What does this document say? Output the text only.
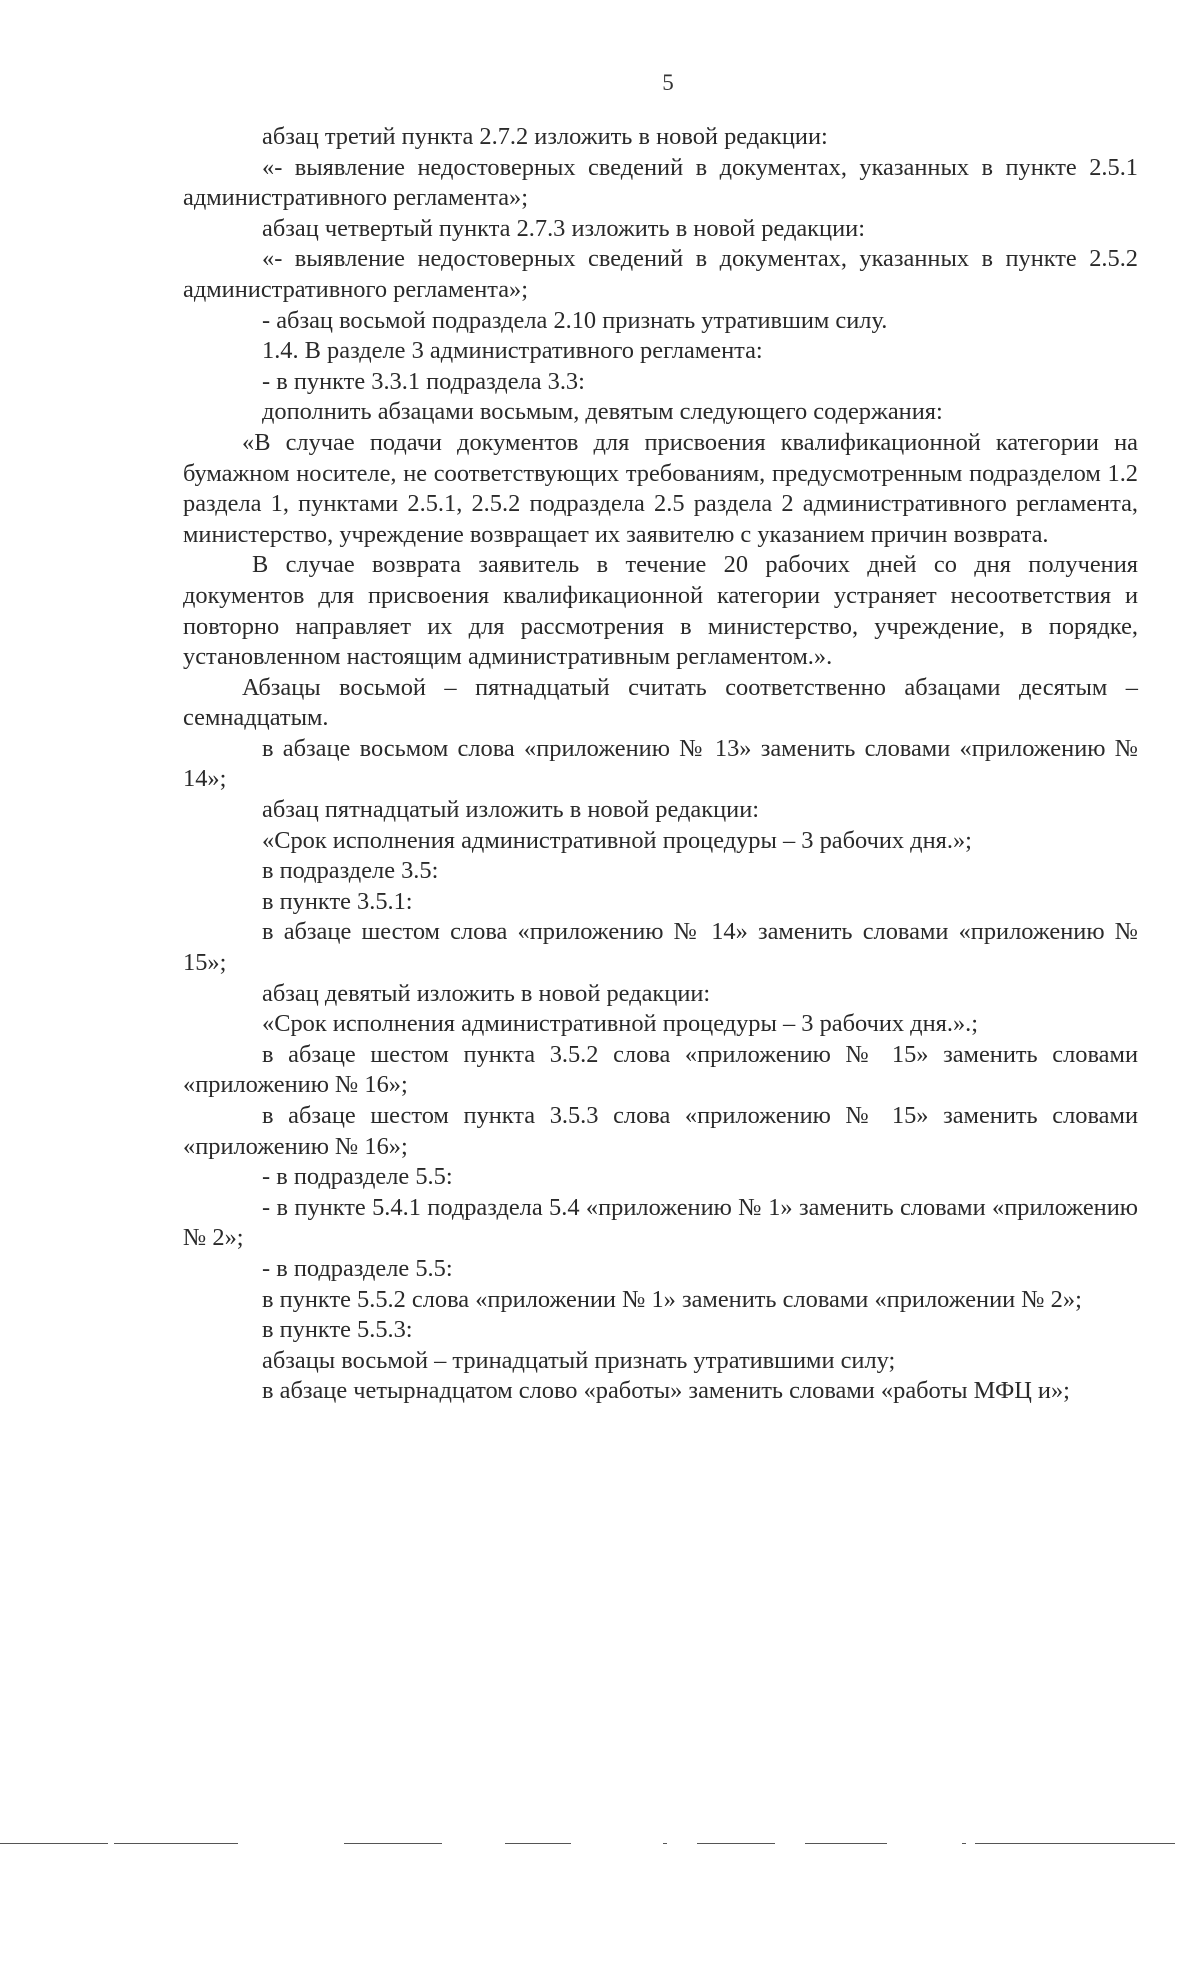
5

абзац третий пункта 2.7.2 изложить в новой редакции:

«- выявление недостоверных сведений в документах, указанных в пункте 2.5.1 административного регламента»;

абзац четвертый пункта 2.7.3 изложить в новой редакции:

«- выявление недостоверных сведений в документах, указанных в пункте 2.5.2 административного регламента»;

- абзац восьмой подраздела 2.10 признать утратившим силу.

1.4. В разделе 3 административного регламента:

- в пункте 3.3.1 подраздела 3.3:

дополнить абзацами восьмым, девятым следующего содержания:

«В случае подачи документов для присвоения квалификационной категории на бумажном носителе, не соответствующих требованиям, предусмотренным подразделом 1.2 раздела 1, пунктами 2.5.1, 2.5.2 подраздела 2.5 раздела 2 административного регламента, министерство, учреждение возвращает их заявителю с указанием причин возврата.

В случае возврата заявитель в течение 20 рабочих дней со дня получения документов для присвоения квалификационной категории устраняет несоответствия и повторно направляет их для рассмотрения в министерство, учреждение, в порядке, установленном настоящим административным регламентом.».

Абзацы восьмой – пятнадцатый считать соответственно абзацами десятым – семнадцатым.

в абзаце восьмом слова «приложению № 13» заменить словами «приложению № 14»;

абзац пятнадцатый изложить в новой редакции:

«Срок исполнения административной процедуры – 3 рабочих дня.»;

в подразделе 3.5:

в пункте 3.5.1:

в абзаце шестом слова «приложению № 14» заменить словами «приложению № 15»;

абзац девятый изложить в новой редакции:

«Срок исполнения административной процедуры – 3 рабочих дня.».;

в абзаце шестом пункта 3.5.2 слова «приложению № 15» заменить словами «приложению № 16»;

в абзаце шестом пункта 3.5.3 слова «приложению № 15» заменить словами «приложению № 16»;

- в подразделе 5.5:

- в пункте 5.4.1 подраздела 5.4 «приложению № 1» заменить словами «приложению № 2»;

- в подразделе 5.5:

в пункте 5.5.2 слова «приложении № 1» заменить словами «приложении № 2»;

в пункте 5.5.3:

абзацы восьмой – тринадцатый признать утратившими силу;

в абзаце четырнадцатом слово «работы» заменить словами «работы МФЦ и»;
